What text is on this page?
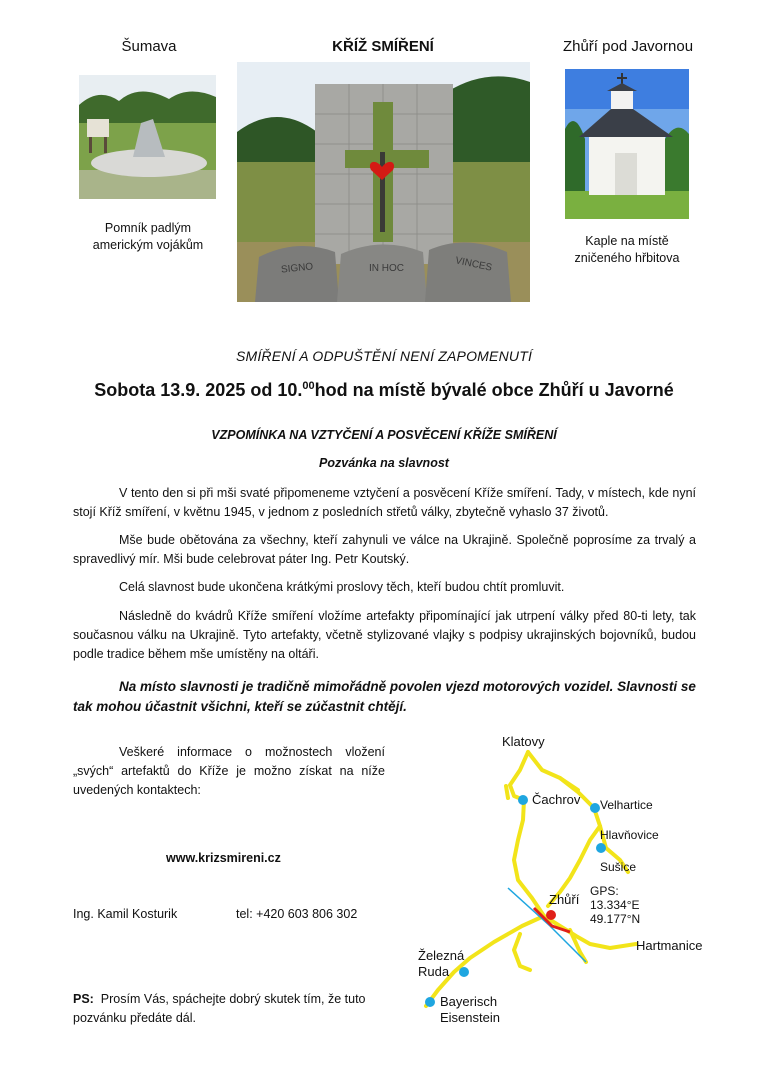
Šumava	KŘÍŽ SMÍŘENÍ	Zhůří pod Javornou
SIGNO	IN HOC	VINCES
Pomník padlým
americkým vojákům	Kaple na místě
zničeného hřbitova
SMÍŘENÍ A ODPUŠTĚNÍ NENÍ ZAPOMENUTÍ
Sobota 13.9. 2025 od 10.00hod na místě bývalé obce Zhůří u Javorné
VZPOMÍNKA NA VZTYČENÍ A POSVĚCENÍ KŘÍŽE SMÍŘENÍ
Pozvánka na slavnost
V tento den si při mši svaté připomeneme vztyčení a posvěcení Kříže smíření. Tady, v místech, kde nyní stojí Kříž smíření, v květnu 1945, v jednom z posledních střetů války, zbytečně vyhaslo 37 životů.
Mše bude obětována za všechny, kteří zahynuli ve válce na Ukrajině. Společně poprosíme za trvalý a spravedlivý mír. Mši bude celebrovat páter Ing. Petr Koutský.
Celá slavnost bude ukončena krátkými proslovy těch, kteří budou chtít promluvit.
Následně do kvádrů Kříže smíření vložíme artefakty připomínající jak utrpení války před 80-ti lety, tak současnou válku na Ukrajině. Tyto artefakty, včetně stylizované vlajky s podpisy ukrajinských bojovníků, budou podle tradice během mše umístěny na oltáři.
Na místo slavnosti je tradičně mimořádně povolen vjezd motorových vozidel. Slavnosti se tak mohou účastnit všichni, kteří se zúčastnit chtějí.
Veškeré informace o možnostech vložení „svých“ artefaktů do Kříže je možno získat na níže uvedených kontaktech:
www.krizsmireni.cz
Ing. Kamil Kosturik	tel: +420 603 806 302
PS: Prosím Vás, spáchejte dobrý skutek tím, že tuto pozvánku předáte dál.
Klatovy
Čachrov Velhartice
Hlavňovice
Sušice
Zhůří
GPS:
13.334°E
49.177°N
Hartmanice
Železná
Ruda
Bayerisch
Eisenstein
